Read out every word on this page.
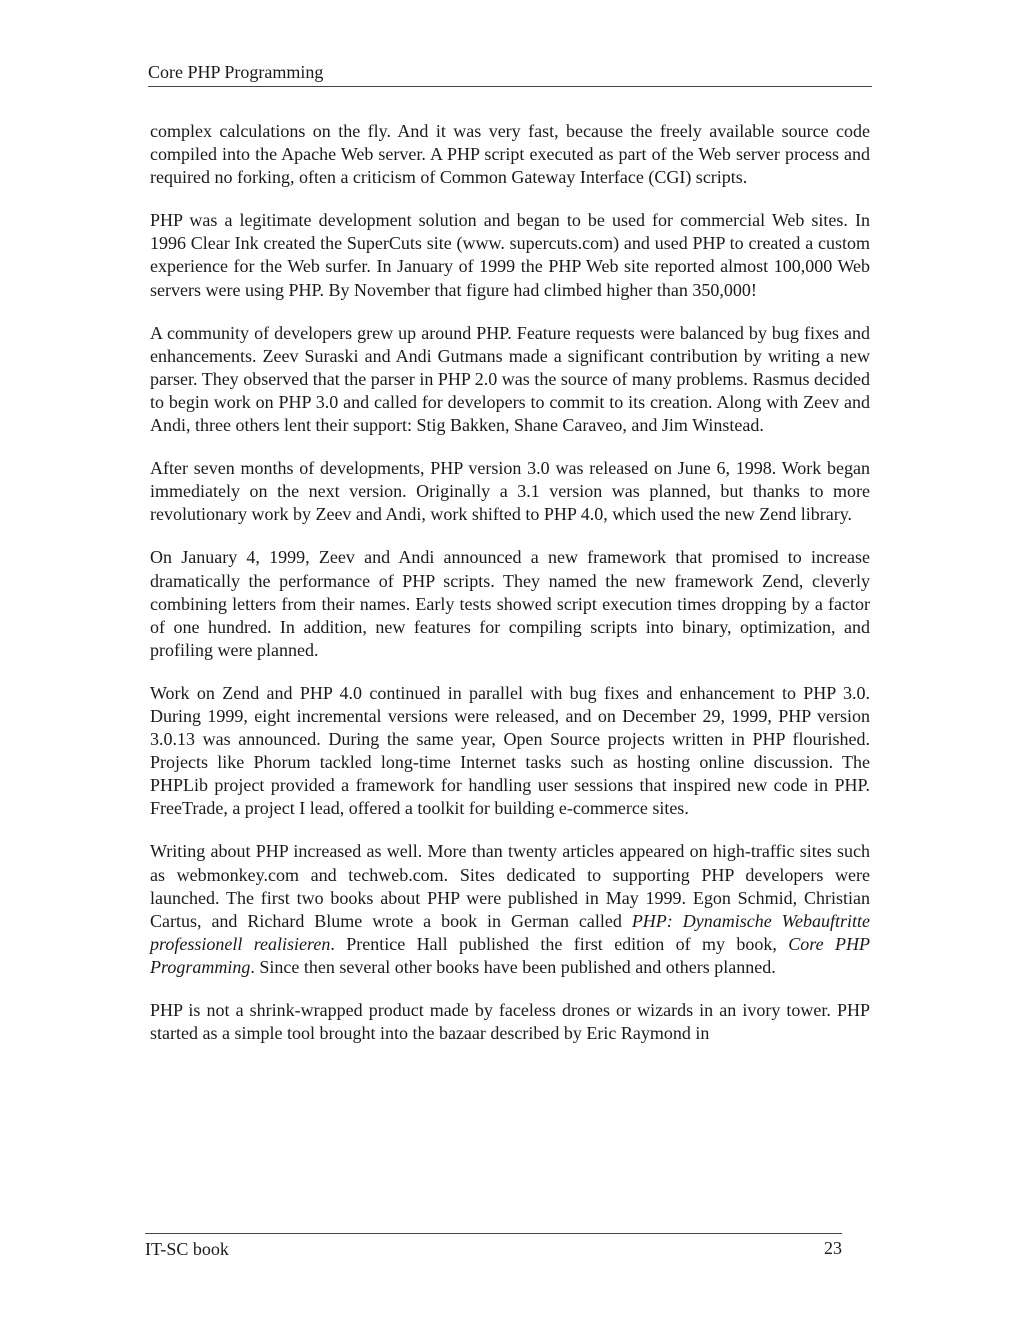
Core PHP Programming

complex calculations on the fly. And it was very fast, because the freely available source code compiled into the Apache Web server. A PHP script executed as part of the Web server process and required no forking, often a criticism of Common Gateway Interface (CGI) scripts.

PHP was a legitimate development solution and began to be used for commercial Web sites. In 1996 Clear Ink created the SuperCuts site (www. supercuts.com) and used PHP to created a custom experience for the Web surfer. In January of 1999 the PHP Web site reported almost 100,000 Web servers were using PHP. By November that figure had climbed higher than 350,000!

A community of developers grew up around PHP. Feature requests were balanced by bug fixes and enhancements. Zeev Suraski and Andi Gutmans made a significant contribution by writing a new parser. They observed that the parser in PHP 2.0 was the source of many problems. Rasmus decided to begin work on PHP 3.0 and called for developers to commit to its creation. Along with Zeev and Andi, three others lent their support: Stig Bakken, Shane Caraveo, and Jim Winstead.

After seven months of developments, PHP version 3.0 was released on June 6, 1998. Work began immediately on the next version. Originally a 3.1 version was planned, but thanks to more revolutionary work by Zeev and Andi, work shifted to PHP 4.0, which used the new Zend library.

On January 4, 1999, Zeev and Andi announced a new framework that promised to increase dramatically the performance of PHP scripts. They named the new framework Zend, cleverly combining letters from their names. Early tests showed script execution times dropping by a factor of one hundred. In addition, new features for compiling scripts into binary, optimization, and profiling were planned.

Work on Zend and PHP 4.0 continued in parallel with bug fixes and enhancement to PHP 3.0. During 1999, eight incremental versions were released, and on December 29, 1999, PHP version 3.0.13 was announced. During the same year, Open Source projects written in PHP flourished. Projects like Phorum tackled long-time Internet tasks such as hosting online discussion. The PHPLib project provided a framework for handling user sessions that inspired new code in PHP. FreeTrade, a project I lead, offered a toolkit for building e-commerce sites.

Writing about PHP increased as well. More than twenty articles appeared on high-traffic sites such as webmonkey.com and techweb.com. Sites dedicated to supporting PHP developers were launched. The first two books about PHP were published in May 1999. Egon Schmid, Christian Cartus, and Richard Blume wrote a book in German called PHP: Dynamische Webauftritte professionell realisieren. Prentice Hall published the first edition of my book, Core PHP Programming. Since then several other books have been published and others planned.

PHP is not a shrink-wrapped product made by faceless drones or wizards in an ivory tower. PHP started as a simple tool brought into the bazaar described by Eric Raymond in

IT-SC book	23
